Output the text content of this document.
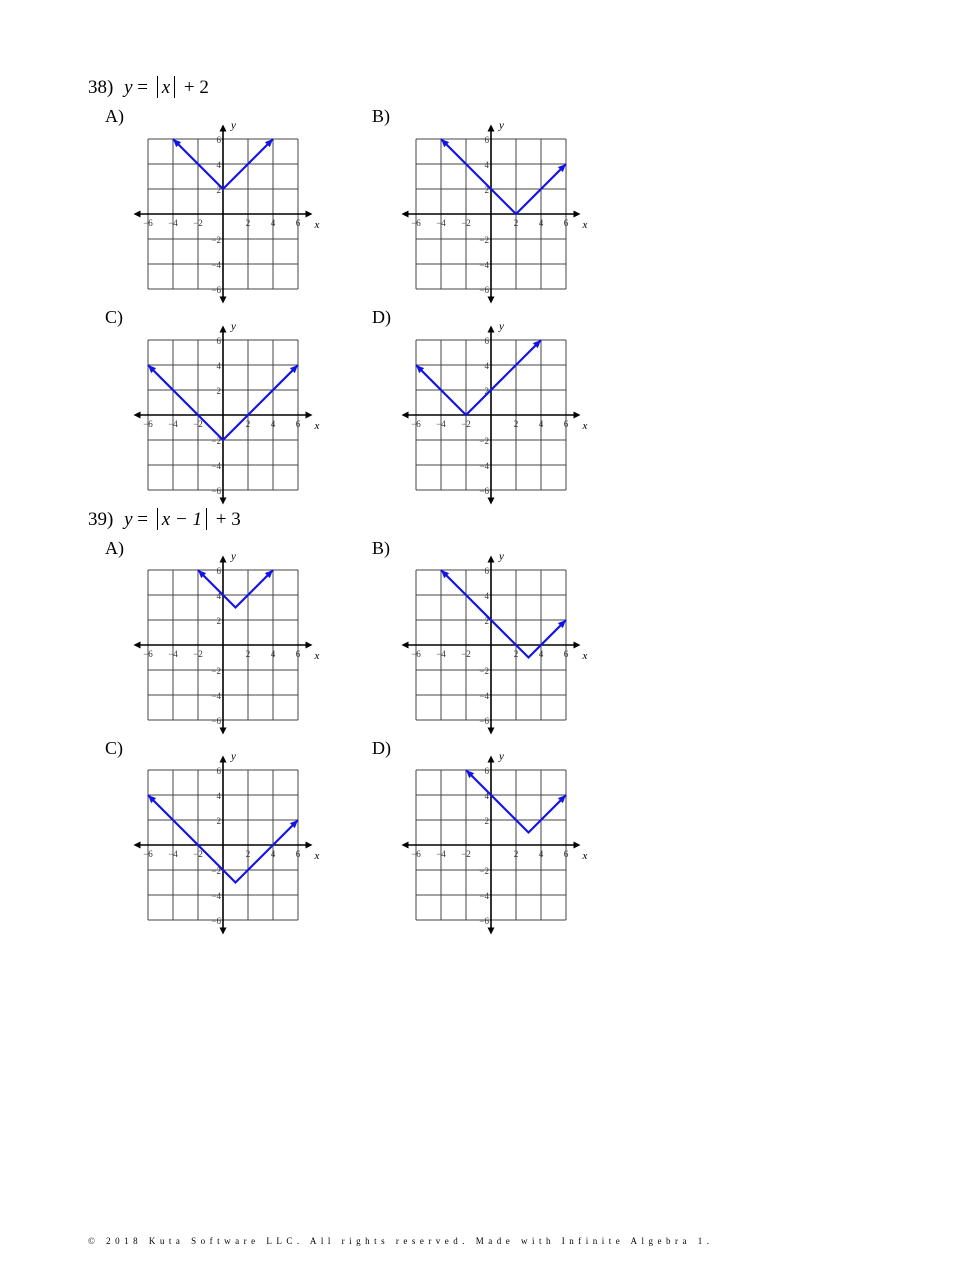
38) y = x + 2
39) y = x − 1 + 3
A)	B)
C)	D)
A)	B)
C)	D)
−6 −4 −2	2 4 6
6
4
2
−2
−4
−6
x
y
−6 −4 −2	2 4 6
6
4
2
−2
−4
−6
x
y
−6 −4 −2	2 4 6
6
4
2
−2
−4
−6
x
y
−6 −4 −2	2 4 6
6
4
2
−2
−4
−6
x
y
−6 −4 −2	2 4 6
6
4
2
−2
−4
−6
x
y
−6 −4 −2	2 4 6
6
4
2
−2
−4
−6
x
y
−6 −4 −2	2 4 6
6
4
2
−2
−4
−6
x
y
−6 −4 −2	2 4 6
6
4
2
−2
−4
−6
x
y
© 2018 Kuta Software LLC. All rights reserved. Made with Infinite Algebra 1.
